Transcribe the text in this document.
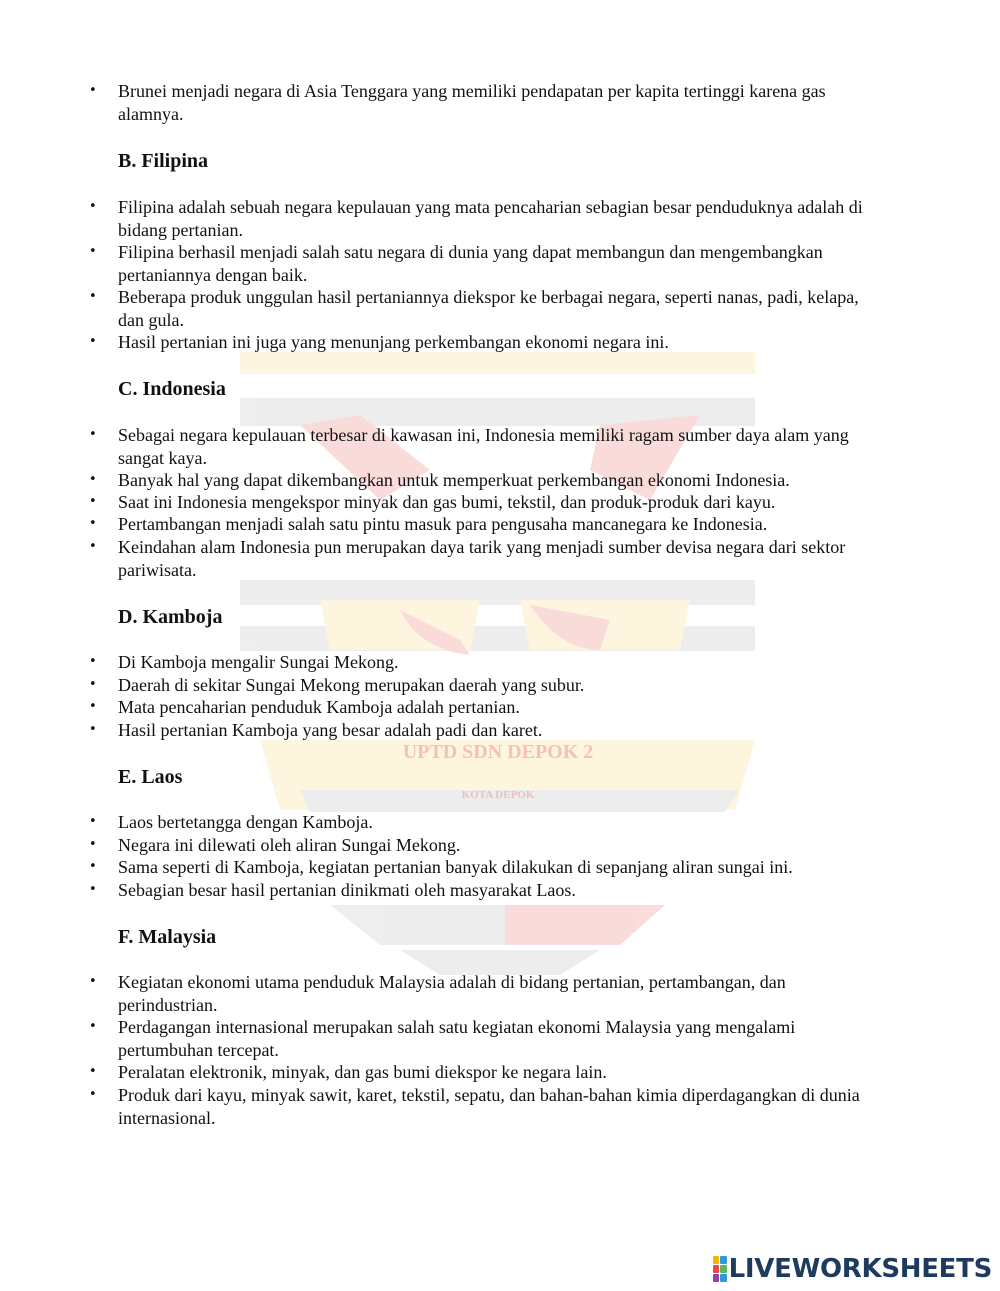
UPTD SDN DEPOK 2
KOTA DEPOK
• Brunei menjadi negara di Asia Tenggara yang memiliki pendapatan per kapita tertinggi karena gas alamnya.
B. Filipina
• Filipina adalah sebuah negara kepulauan yang mata pencaharian sebagian besar penduduknya adalah di bidang pertanian.
• Filipina berhasil menjadi salah satu negara di dunia yang dapat membangun dan mengembangkan pertaniannya dengan baik.
• Beberapa produk unggulan hasil pertaniannya diekspor ke berbagai negara, seperti nanas, padi, kelapa, dan gula.
• Hasil pertanian ini juga yang menunjang perkembangan ekonomi negara ini.
C. Indonesia
• Sebagai negara kepulauan terbesar di kawasan ini, Indonesia memiliki ragam sumber daya alam yang sangat kaya.
• Banyak hal yang dapat dikembangkan untuk memperkuat perkembangan ekonomi Indonesia.
• Saat ini Indonesia mengekspor minyak dan gas bumi, tekstil, dan produk-produk dari kayu.
• Pertambangan menjadi salah satu pintu masuk para pengusaha mancanegara ke Indonesia.
• Keindahan alam Indonesia pun merupakan daya tarik yang menjadi sumber devisa negara dari sektor pariwisata.
D. Kamboja
• Di Kamboja mengalir Sungai Mekong.
• Daerah di sekitar Sungai Mekong merupakan daerah yang subur.
• Mata pencaharian penduduk Kamboja adalah pertanian.
• Hasil pertanian Kamboja yang besar adalah padi dan karet.
E. Laos
• Laos bertetangga dengan Kamboja.
• Negara ini dilewati oleh aliran Sungai Mekong.
• Sama seperti di Kamboja, kegiatan pertanian banyak dilakukan di sepanjang aliran sungai ini.
• Sebagian besar hasil pertanian dinikmati oleh masyarakat Laos.
F. Malaysia
• Kegiatan ekonomi utama penduduk Malaysia adalah di bidang pertanian, pertambangan, dan perindustrian.
• Perdagangan internasional merupakan salah satu kegiatan ekonomi Malaysia yang mengalami pertumbuhan tercepat.
• Peralatan elektronik, minyak, dan gas bumi diekspor ke negara lain.
• Produk dari kayu, minyak sawit, karet, tekstil, sepatu, dan bahan-bahan kimia diperdagangkan di dunia internasional.
LIVEWORKSHEETS
